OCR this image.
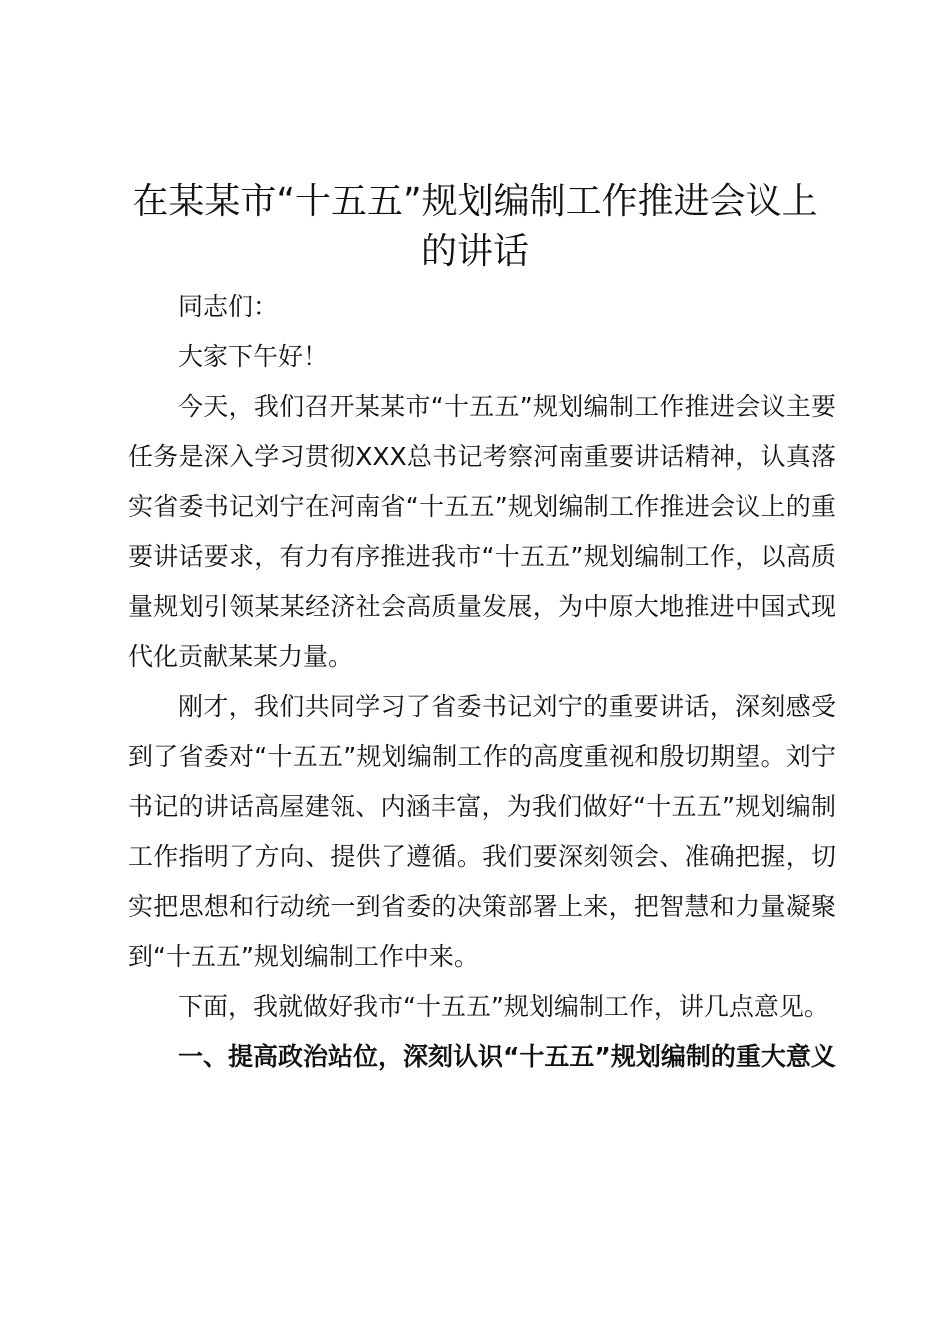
在某某市“十五五”规划编制工作推进会议上的讲话

同志们：

大家下午好！

今天，我们召开某某市“十五五”规划编制工作推进会议主要任务是深入学习贯彻XXX总书记考察河南重要讲话精神，认真落实省委书记刘宁在河南省“十五五”规划编制工作推进会议上的重要讲话要求，有力有序推进我市“十五五”规划编制工作，以高质量规划引领某某经济社会高质量发展，为中原大地推进中国式现代化贡献某某力量。

刚才，我们共同学习了省委书记刘宁的重要讲话，深刻感受到了省委对“十五五”规划编制工作的高度重视和殷切期望。刘宁书记的讲话高屋建瓴、内涵丰富，为我们做好“十五五”规划编制工作指明了方向、提供了遵循。我们要深刻领会、准确把握，切实把思想和行动统一到省委的决策部署上来，把智慧和力量凝聚到“十五五”规划编制工作中来。

下面，我就做好我市“十五五”规划编制工作，讲几点意见。

一、提高政治站位，深刻认识“十五五”规划编制的重大意义
